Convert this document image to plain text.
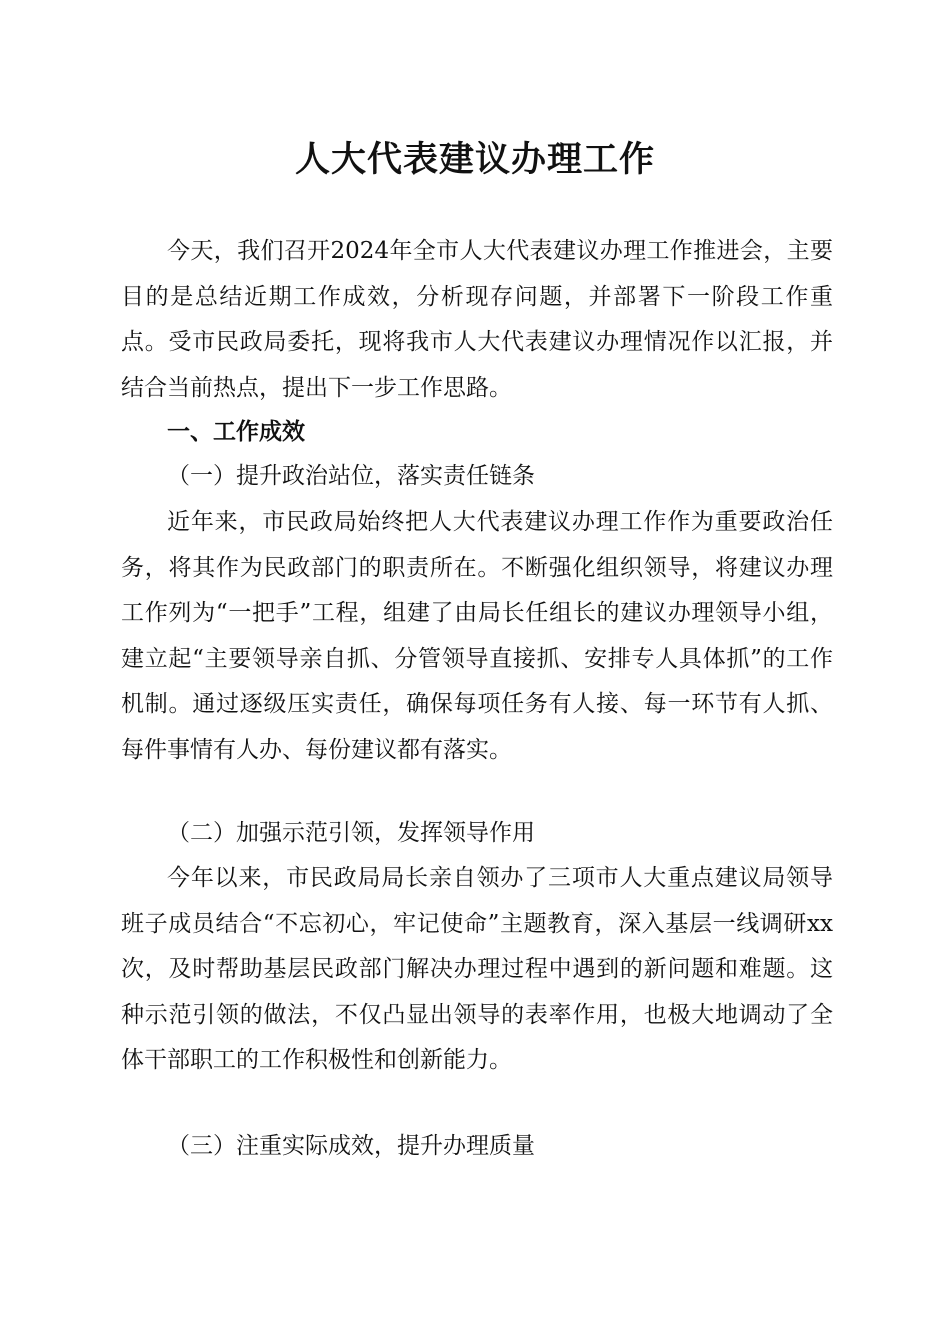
人大代表建议办理工作
今天，我们召开2024年全市人大代表建议办理工作推进会，主要目的是总结近期工作成效，分析现存问题，并部署下一阶段工作重点。受市民政局委托，现将我市人大代表建议办理情况作以汇报，并结合当前热点，提出下一步工作思路。
一、工作成效
（一）提升政治站位，落实责任链条
近年来，市民政局始终把人大代表建议办理工作作为重要政治任务，将其作为民政部门的职责所在。不断强化组织领导，将建议办理工作列为“一把手”工程，组建了由局长任组长的建议办理领导小组，建立起“主要领导亲自抓、分管领导直接抓、安排专人具体抓”的工作机制。通过逐级压实责任，确保每项任务有人接、每一环节有人抓、每件事情有人办、每份建议都有落实。
（二）加强示范引领，发挥领导作用
今年以来，市民政局局长亲自领办了三项市人大重点建议局领导班子成员结合“不忘初心，牢记使命”主题教育，深入基层一线调研xx次，及时帮助基层民政部门解决办理过程中遇到的新问题和难题。这种示范引领的做法，不仅凸显出领导的表率作用，也极大地调动了全体干部职工的工作积极性和创新能力。
（三）注重实际成效，提升办理质量
